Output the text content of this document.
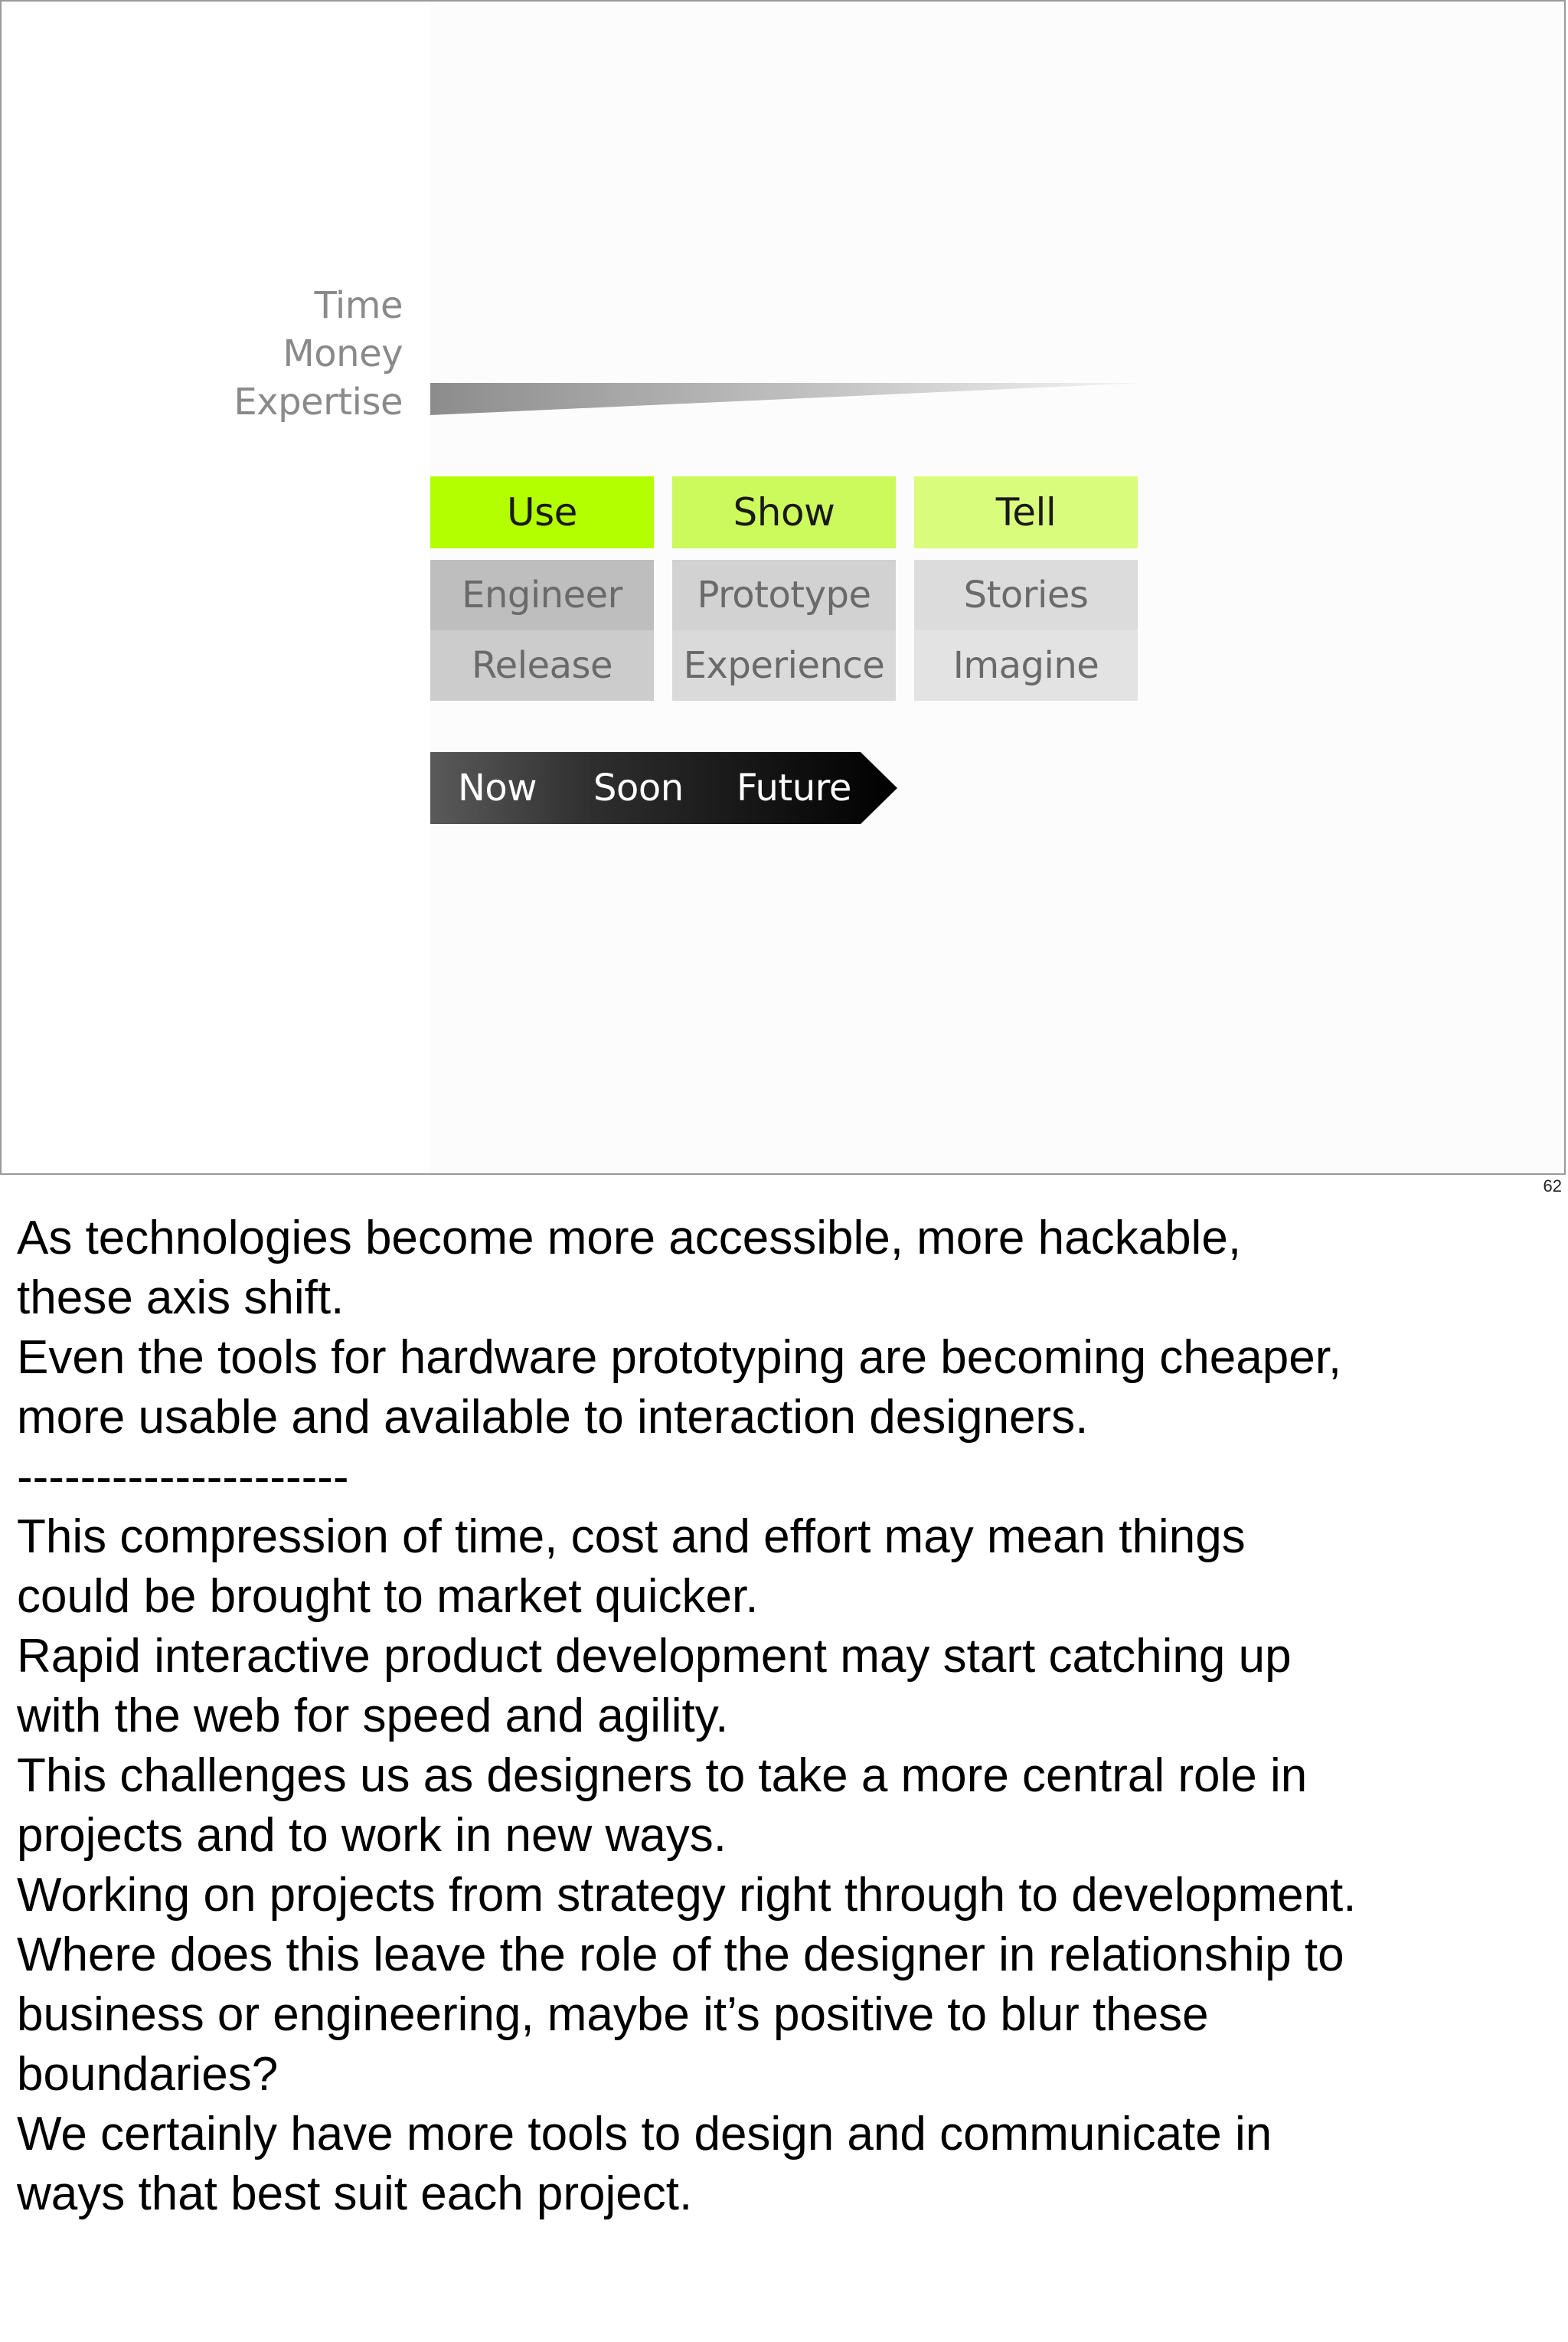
Time
Money
Expertise
Use	Show	Tell
Engineer	Prototype	Stories
Release	Experience	Imagine
Now Soon Future
62
As technologies become more accessible, more hackable,
these axis shift.
Even the tools for hardware prototyping are becoming cheaper,
more usable and available to interaction designers.
---------------------
This compression of time, cost and effort may mean things
could be brought to market quicker.
Rapid interactive product development may start catching up
with the web for speed and agility.
This challenges us as designers to take a more central role in
projects and to work in new ways.
Working on projects from strategy right through to development.
Where does this leave the role of the designer in relationship to
business or engineering, maybe it’s positive to blur these
boundaries?
We certainly have more tools to design and communicate in
ways that best suit each project.
